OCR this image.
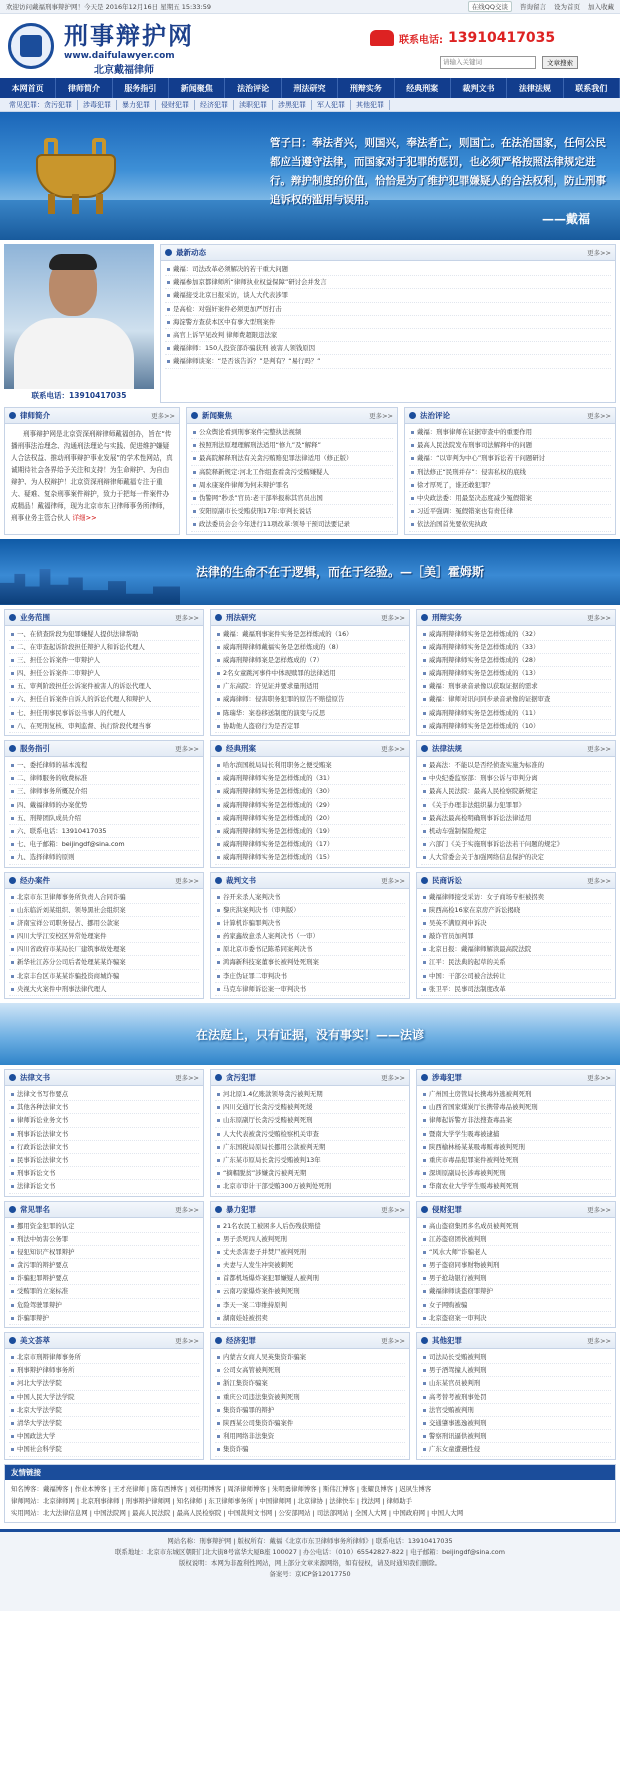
欢迎访问戴福刑事辩护网！今天是 2016年12月16日 星期五 15:33:59	在线QQ交谈	咨询留言 设为首页 加入收藏
刑事辩护网
www.daifulawyer.com
北京戴福律师
联系电话: 13910417035
请输入关键词
文章搜索
本网首页	律师简介	服务指引	新闻聚焦	法治评论	刑法研究	刑辩实务	经典刑案	裁判文书	法律法规	联系我们
常见犯罪：贪污犯罪	涉毒犯罪	暴力犯罪	侵财犯罪	经济犯罪	渎职犯罪	涉黑犯罪	军人犯罪	其他犯罪
管子曰：奉法者兴，则国兴，奉法者亡，则国亡。在法治国家，任何公民都应当遵守法律，而国家对于犯罪的惩罚，也必须严格按照法律规定进行。辩护制度的价值，恰恰是为了维护犯罪嫌疑人的合法权利，防止刑事追诉权的滥用与误用。
——戴福
联系电话：13910417035
最新动态	更多>>
戴福：司法改革必须解决的若干重大问题
戴福参加京都律师所“律师执业权益保障”研讨会并发言
戴福接受北京日报采访，谈人大代表涉罪
是高检：对强奸案件必须更加严厉打击
海淀警方查获本区中有事大型刑案件
高官上诉罕见改判 律师费超限违法家
戴福律师：150人投资部诈骗获刑 被害人领钱原因
戴福律师谈案：“是否该告诉？”是判有？“易行吗？”
律师简介	更多>>
刑事辩护网是北京资深刑辩律师戴福创办，旨在“传播刑事法治理念、沟通刑法理论与实践、促进维护嫌疑人合法权益、推动刑事辩护事业发展”的学术性网站，真诚期待社会各界给予关注和支持！为生命辩护、为自由辩护、为人权辩护！北京资深刑辩律师戴福专注于重大、疑难、复杂刑事案件辩护，致力于把每一件案件办成精品！戴福律师，现为北京市东卫律师事务所律师，刑事业务主管合伙人 详细>>
新闻聚焦	更多>>
公众舆论看到刑事案件完整执法视频
按照刑法原理理解刑法适用“修九”及“解释”
最高院解释刑法有关贪污贿赂犯罪法律适用（修正版）
高院释新规定:河北工作组查看贪污受贿嫌疑人
周永康案件律师为何未辩护罪名
伪警网“秒杀”官员:老干部举报称其官员出国
安阳原副市长受贿获刑17年:审判长说话
政法委员会会今年进行11项改革:领导干预司法要记录
法治评论	更多>>
戴福：刑事律师在证据审查中的重要作用
最高人民法院发布刑事司法解释中的问题
戴福：“以审判为中心”刑事诉讼若干问题研讨
刑法修正“民刑并存”：侵害私权的底线
徐才厚死了，谁还敢犯罪？
中央政法委：用最坚决态度减少冤假错案
习近平强调：冤假错案也有责任律
依法治国首先要依宪执政
法律的生命不在于逻辑，而在于经验。—［美］霍姆斯
业务范围	更多>>
一、在侦查阶段为犯罪嫌疑人提供法律帮助
二、在审查起诉阶段担任辩护人和诉讼代理人
三、担任公诉案件一审辩护人
四、担任公诉案件二审辩护人
五、审判阶段担任公诉案件被害人的诉讼代理人
六、担任自诉案件自诉人的诉讼代理人和辩护人
七、担任刑事民事诉讼当事人的代理人
八、在死刑复核、审判监督、执行阶段代理当事
刑法研究	更多>>
戴福：戴福刑事案件实务是怎样炼成的（16）
威海刑辩律师戴福实务是怎样炼成的（8）
威海刑辩律师案是怎样炼成的（7）
2名女童跳河事件中体现赎罪的法律适用
广东高院：许见证并要求量刑适用
威海律师：侵害职务犯罪的原告不赔偿原告
陈瑞华：案卷移送制度的演变与反思
协助他人盗窃行为是否定罪
刑辩实务	更多>>
威海刑辩律师实务是怎样炼成的（32）
威海刑辩律师实务是怎样炼成的（33）
威海刑辩律师实务是怎样炼成的（28）
威海刑辩律师实务是怎样炼成的（13）
戴福：刑事录音录像以获取证据的需求
戴福：律师对讯问同步录音录像的证据审查
威海刑辩律师实务是怎样炼成的（11）
威海刑辩律师实务是怎样炼成的（10）
服务指引	更多>>
一、委托律师的基本流程
二、律师服务的收费标准
三、律师事务所概况介绍
四、戴福律师的办案优势
五、刑辩团队成员介绍
六、联系电话：13910417035
七、电子邮箱：beijingdf@sina.com
九、选择律师的原则
经典刑案	更多>>
哈尔滨国税局局长利用职务之便受贿案
威海刑辩律师实务是怎样炼成的（31）
威海刑辩律师实务是怎样炼成的（30）
威海刑辩律师实务是怎样炼成的（29）
威海刑辩律师实务是怎样炼成的（20）
威海刑辩律师实务是怎样炼成的（19）
威海刑辩律师实务是怎样炼成的（17）
威海刑辩律师实务是怎样炼成的（15）
法律法规	更多>>
最高法：不能以是否经侦查实施为标准的
中央纪委监察部：刑事公诉与审判分离
最高人民法院：最高人民检察院新规定
《关于办理非法组织暴力犯罪罪》
最高法最高检明确刑事诉讼法律适用
机动车强制保险规定
六部门《关于实施刑事诉讼法若干问题的规定》
人大常委会关于加强网络信息保护的决定
经办案件	更多>>
北京市东卫律师事务所负责人合同诈骗
山东临沂刘某组织、领导黑社会组织案
济南宝祥公司职务侵占、挪用公款案
四川大学江安校区异常处理案件
四川省政府市某局长厂建筑事故处理案
新华社江苏分公司后者处理某某诈骗案
北京丰台区市某某诈骗投资商城诈骗
央视大火案件中刑事法律代理人
裁判文书	更多>>
谷开来杀人案判决书
黎庆洪案判决书（审判版）
计算机诈骗罪判决书
药家鑫故意杀人案判决书（一审）
原北京市委书记陈希同案判决书
鸿海新科技案董事长被判处死刑案
李庄伪证罪二审判决书
马克车律师诉讼案一审判决书
民商诉讼	更多>>
戴福律师接受采访：女子商场专柜被拐卖
陕西高检16家在京房产诉讼揭晓
吴英不满原判申诉决
敲诈官员加判罪
北京日报：戴福律师解读最高院法院
江平：民法典的起草的关系
中国：干部公司被合法转让
张卫平：民事司法制度改革
在法庭上，只有证据，没有事实！——法谚
法律文书	更多>>
法律文书写作要点
其他各种法律文书
律师诉讼业务文书
刑事诉讼法律文书
行政诉讼法律文书
民事诉讼法律文书
刑事诉讼文书
法律诉讼文书
贪污犯罪	更多>>
河北原1.4亿账款领导贪污被判无期
四川交通厅长贪污受贿被判死缓
山东原副厅长贪污受贿被判死刑
人大代表被贪污受贿检察机关审查
广东国税局原局长挪用公款被判无期
广东某市原局长贪污受贿被判13年
“摘帽脱贫”涉嫌贪污被判无期
北京市审计干部受贿300万被判处死刑
涉毒犯罪	更多>>
广州国土房管局长携毒外逃被判死刑
山西省国家煤炭厅长携带毒品被判死刑
律师起诉警方非法搜查毒品案
暨南大学学生吸毒被逮捕
陕西榆林杨某某吸毒贩毒被判死刑
重庆市毒品犯罪案件被判处死刑
深圳原副局长涉毒被判死刑
华南农业大学学生贩毒被判死刑
常见罪名	更多>>
挪用资金犯罪的认定
刑法中妨害公务罪
侵犯知识产权罪辩护
贪污罪的辩护要点
诈骗犯罪辩护要点
受贿罪的立案标准
危险驾驶罪辩护
诈骗罪辩护
暴力犯罪	更多>>
21名农民工被困多人后伤残获赔偿
男子杀死四人被判死刑
丈夫杀害妻子并焚尸被判死刑
夫妻与人发生冲突被刺死
首都机场爆炸案犯罪嫌疑人被判刑
云南巧家爆炸案件被判死刑
李天一案二审维持原判
湖南娃娃被拐卖
侵财犯罪	更多>>
高山盗窃集团多名成员被判死刑
江苏盗窃团伙被判刑
“风水大师”诈骗老人
男子盗窃同事财物被判刑
男子抢劫银行被判刑
戴福律师谈盗窃罪辩护
女子网购被骗
北京盗窃案一审判决
美文荟萃	更多>>
北京市刑辩律师事务所
刑事辩护律师事务所
河北大学法学院
中国人民大学法学院
北京大学法学院
清华大学法学院
中国政法大学
中国社会科学院
经济犯罪	更多>>
内蒙古女商人吴英集资诈骗案
公司女高管被判死刑
浙江集资诈骗案
重庆公司违法集资被判死刑
集资诈骗罪的辩护
陕西某公司集资诈骗案件
利用网络非法集资
集资诈骗
其他犯罪	更多>>
司法局长受贿被判刑
男子酒驾撞人被判刑
山东某官员被判刑
高考替考被刑事处罚
法官受贿被判刑
交通肇事逃逸被判刑
警察刑讯逼供被判刑
广东女童遭遇性侵
友情链接
知名博客：戴福博客 | 作业本博客 | 王才亮律师 | 陈有西博客 | 刘桂明博客 | 周泽律师博客 | 朱明勇律师博客 | 斯伟江博客 | 张耀良博客 | 迟夙生博客
律师网站：北京律师网 | 北京刑事律师 | 刑事辩护律师网 | 知名律师 | 东卫律师事务所 | 中国律师网 | 北京律协 | 法律快车 | 找法网 | 律师助手
实用网站：北大法律信息网 | 中国法院网 | 最高人民法院 | 最高人民检察院 | 中国裁判文书网 | 公安部网站 | 司法部网站 | 全国人大网 | 中国政府网 | 中国人大网
网站名称：刑事辩护网 | 版权所有：戴福《北京市东卫律师事务所律师》| 联系电话：13910417035
联系地址：北京市东城区朝阳门北大街8号富华大厦B座 100027 | 办公电话：（010）65542827-822 | 电子邮箱：beijingdf@sina.com
版权说明：本网为非盈利性网站，网上部分文章来源网络，如有侵权，请及时通知我们删除。
备案号：京ICP备12017750
